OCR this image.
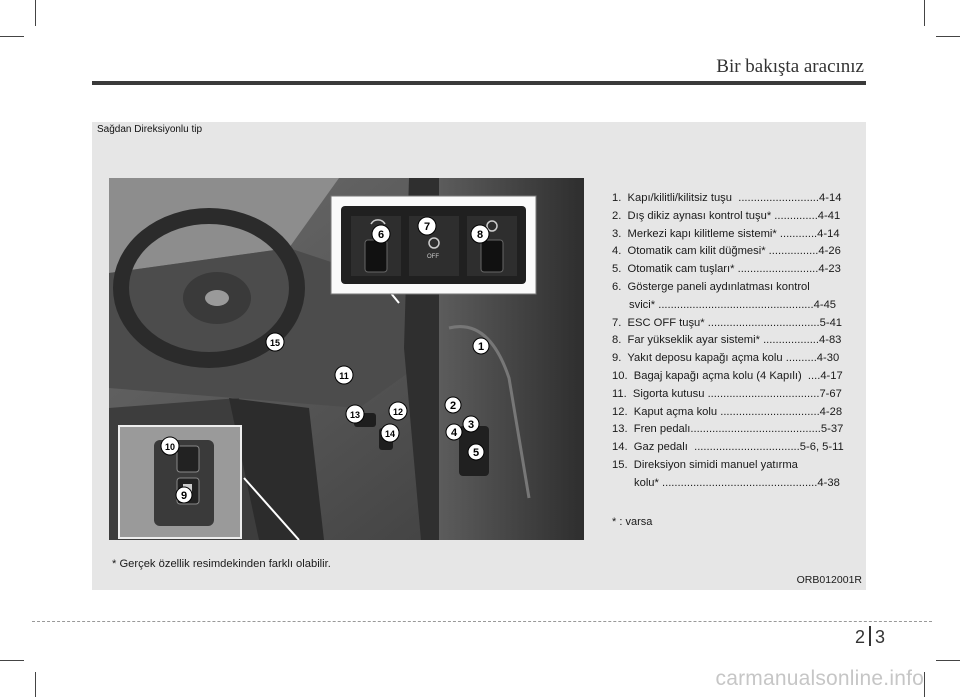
Bir bakışta aracınız
Sağdan Direksiyonlu tip
OFF
6
7
8
1
2
3
4
5
11
12
13
14
15
10
9
1.  Kapı/kilitli/kilitsiz tuşu  ..........................4-14
2.  Dış dikiz aynası kontrol tuşu* ..............4-41
3.  Merkezi kapı kilitleme sistemi* ............4-14
4.  Otomatik cam kilit düğmesi* ................4-26
5.  Otomatik cam tuşları* ..........................4-23
6.  Gösterge paneli aydınlatması kontrol
svici* ..................................................4-45
7.  ESC OFF tuşu* ....................................5-41
8.  Far yükseklik ayar sistemi* ..................4-83
9.  Yakıt deposu kapağı açma kolu ..........4-30
10.  Bagaj kapağı açma kolu (4 Kapılı)  ....4-17
11.  Sigorta kutusu ....................................7-67
12.  Kaput açma kolu ................................4-28
13.  Fren pedalı..........................................5-37
14.  Gaz pedalı  ..................................5-6, 5-11
15.  Direksiyon simidi manuel yatırma
kolu* ..................................................4-38
* : varsa
* Gerçek özellik resimdekinden farklı olabilir.
ORB012001R
2 3
carmanualsonline.info
